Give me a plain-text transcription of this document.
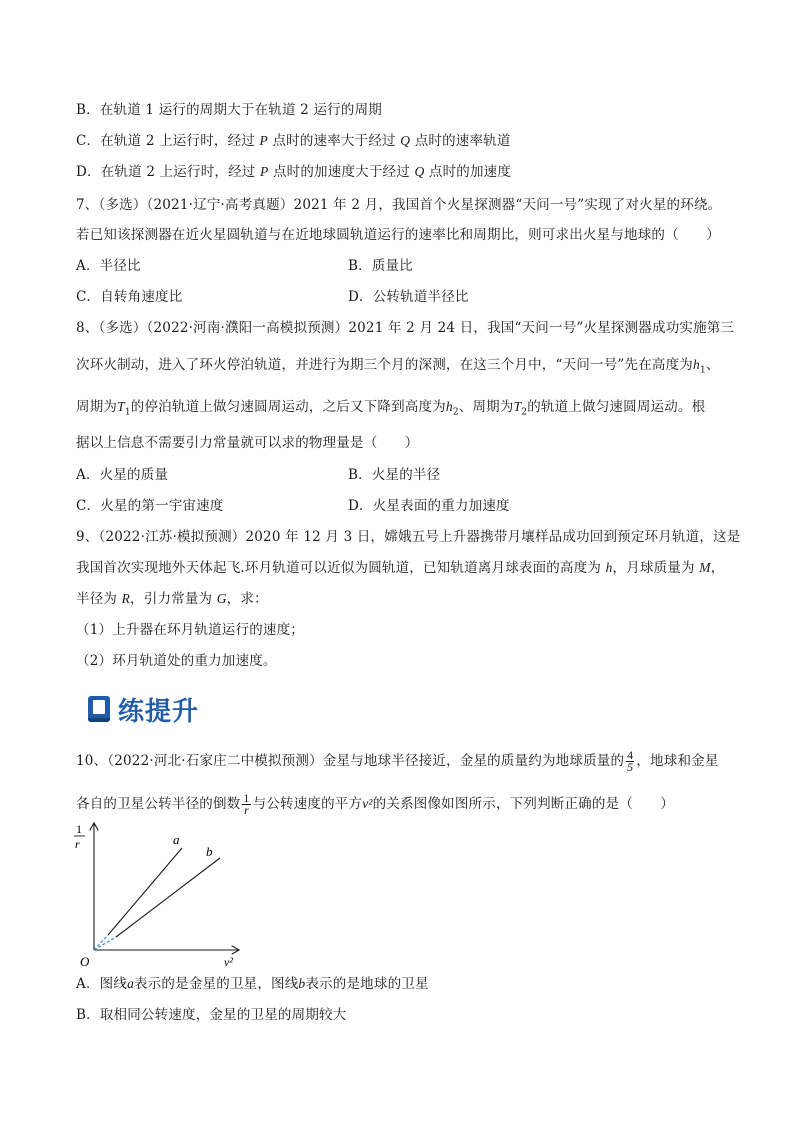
B．在轨道 1 运行的周期大于在轨道 2 运行的周期
C．在轨道 2 上运行时，经过 P 点时的速率大于经过 Q 点时的速率轨道
D．在轨道 2 上运行时，经过 P 点时的加速度大于经过 Q 点时的加速度
7、（多选）（2021·辽宁·高考真题）2021 年 2 月，我国首个火星探测器“天问一号”实现了对火星的环绕。
若已知该探测器在近火星圆轨道与在近地球圆轨道运行的速率比和周期比，则可求出火星与地球的（　　）
A．半径比	B．质量比
C．自转角速度比	D．公转轨道半径比
8、（多选）（2022·河南·濮阳一高模拟预测）2021 年 2 月 24 日，我国“天问一号”火星探测器成功实施第三
次环火制动，进入了环火停泊轨道，并进行为期三个月的深测，在这三个月中，“天问一号”先在高度为$h_1$、
周期为$T_1$的停泊轨道上做匀速圆周运动，之后又下降到高度为$h_2$、周期为$T_2$的轨道上做匀速圆周运动。根
据以上信息不需要引力常量就可以求的物理量是（　　）
A．火星的质量	B．火星的半径
C．火星的第一宇宙速度	D．火星表面的重力加速度
9、（2022·江苏·模拟预测）2020 年 12 月 3 日，嫦娥五号上升器携带月壤样品成功回到预定环月轨道，这是
我国首次实现地外天体起飞.环月轨道可以近似为圆轨道，已知轨道离月球表面的高度为 h，月球质量为 M，
半径为 R，引力常量为 G，求：
（1）上升器在环月轨道运行的速度；
（2）环月轨道处的重力加速度。
练提升
10、（2022·河北·石家庄二中模拟预测）金星与地球半径接近，金星的质量约为地球质量的 $\frac{4}{5}$ ，地球和金星
各自的卫星公转半径的倒数 $\frac{1}{r}$ 与公转速度的平方v²的关系图像如图所示，下列判断正确的是（　　）
1
r
v²
O
a
b
A．图线a表示的是金星的卫星，图线b表示的是地球的卫星
B．取相同公转速度，金星的卫星的周期较大
